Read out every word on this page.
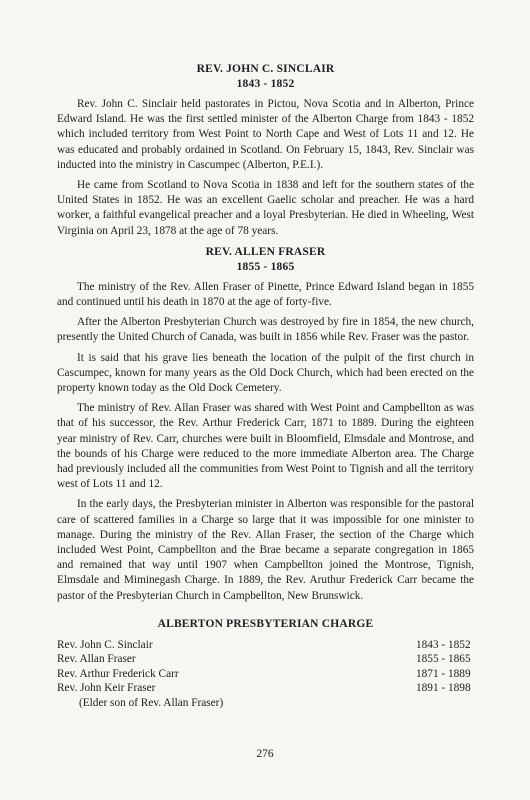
REV. JOHN C. SINCLAIR
1843 - 1852

Rev. John C. Sinclair held pastorates in Pictou, Nova Scotia and in Alberton, Prince Edward Island. He was the first settled minister of the Alberton Charge from 1843 - 1852 which included territory from West Point to North Cape and West of Lots 11 and 12. He was educated and probably ordained in Scotland. On February 15, 1843, Rev. Sinclair was inducted into the ministry in Cascumpec (Alberton, P.E.I.).

He came from Scotland to Nova Scotia in 1838 and left for the southern states of the United States in 1852. He was an excellent Gaelic scholar and preacher. He was a hard worker, a faithful evangelical preacher and a loyal Presbyterian. He died in Wheeling, West Virginia on April 23, 1878 at the age of 78 years.

REV. ALLEN FRASER
1855 - 1865

The ministry of the Rev. Allen Fraser of Pinette, Prince Edward Island began in 1855 and continued until his death in 1870 at the age of forty-five.

After the Alberton Presbyterian Church was destroyed by fire in 1854, the new church, presently the United Church of Canada, was built in 1856 while Rev. Fraser was the pastor.

It is said that his grave lies beneath the location of the pulpit of the first church in Cascumpec, known for many years as the Old Dock Church, which had been erected on the property known today as the Old Dock Cemetery.

The ministry of Rev. Allan Fraser was shared with West Point and Campbellton as was that of his successor, the Rev. Arthur Frederick Carr, 1871 to 1889. During the eighteen year ministry of Rev. Carr, churches were built in Bloomfield, Elmsdale and Montrose, and the bounds of his Charge were reduced to the more immediate Alberton area. The Charge had previously included all the communities from West Point to Tignish and all the territory west of Lots 11 and 12.

In the early days, the Presbyterian minister in Alberton was responsible for the pastoral care of scattered families in a Charge so large that it was impossible for one minister to manage. During the ministry of the Rev. Allan Fraser, the section of the Charge which included West Point, Campbellton and the Brae became a separate congregation in 1865 and remained that way until 1907 when Campbellton joined the Montrose, Tignish, Elmsdale and Miminegash Charge. In 1889, the Rev. Aruthur Frederick Carr became the pastor of the Presbyterian Church in Campbellton, New Brunswick.

ALBERTON PRESBYTERIAN CHARGE
Rev. John C. Sinclair	1843 - 1852
Rev. Allan Fraser	1855 - 1865
Rev. Arthur Frederick Carr	1871 - 1889
Rev. John Keir Fraser	1891 - 1898
(Elder son of Rev. Allan Fraser)
276
